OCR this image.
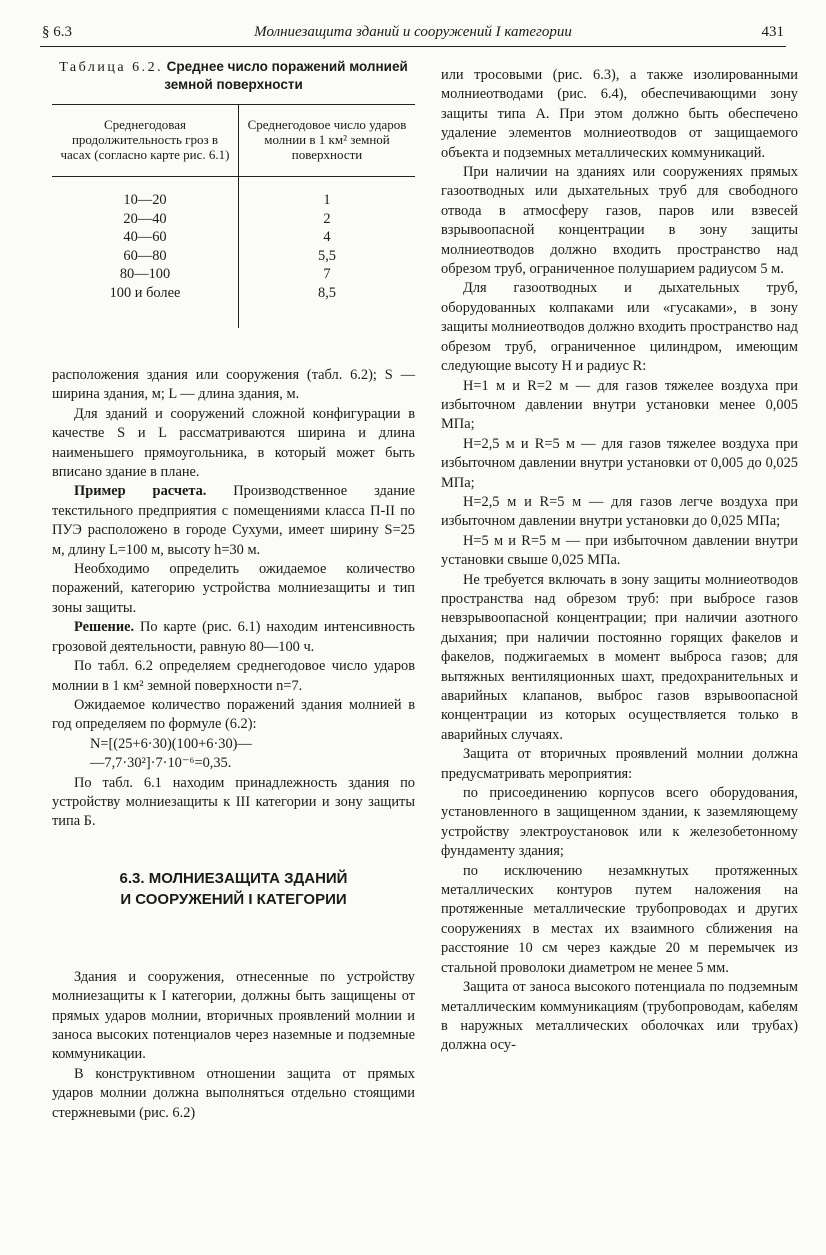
§ 6.3	Молниезащита зданий и сооружений I категории	431
Таблица 6.2. Среднее число поражений молнией земной поверхности
Среднегодовая продолжительность гроз в часах (согласно карте рис. 6.1)	Среднегодовое число ударов молнии в 1 км² земной поверхности
10—20	1
20—40	2
40—60	4
60—80	5,5
80—100	7
100 и более	8,5

расположения здания или сооружения (табл. 6.2); S — ширина здания, м; L — длина здания, м.

Для зданий и сооружений сложной конфигурации в качестве S и L рассматриваются ширина и длина наименьшего прямоугольника, в который может быть вписано здание в плане.

Пример расчета. Производственное здание текстильного предприятия с помещениями класса П-II по ПУЭ расположено в городе Сухуми, имеет ширину S=25 м, длину L=100 м, высоту h=30 м.

Необходимо определить ожидаемое количество поражений, категорию устройства молниезащиты и тип зоны защиты.

Решение. По карте (рис. 6.1) находим интенсивность грозовой деятельности, равную 80—100 ч.

По табл. 6.2 определяем среднегодовое число ударов молнии в 1 км² земной поверхности n=7.

Ожидаемое количество поражений здания молнией в год определяем по формуле (6.2):

N=[(25+6·30)(100+6·30)—

—7,7·30²]·7·10⁻⁶=0,35.

По табл. 6.1 находим принадлежность здания по устройству молниезащиты к III категории и зону защиты типа Б.

6.3. МОЛНИЕЗАЩИТА ЗДАНИЙ
И СООРУЖЕНИЙ I КАТЕГОРИИ

Здания и сооружения, отнесенные по устройству молниезащиты к I категории, должны быть защищены от прямых ударов молнии, вторичных проявлений молнии и заноса высоких потенциалов через наземные и подземные коммуникации.

В конструктивном отношении защита от прямых ударов молнии должна выполняться отдельно стоящими стержневыми (рис. 6.2)

или тросовыми (рис. 6.3), а также изолированными молниеотводами (рис. 6.4), обеспечивающими зону защиты типа А. При этом должно быть обеспечено удаление элементов молниеотводов от защищаемого объекта и подземных металлических коммуникаций.

При наличии на зданиях или сооружениях прямых газоотводных или дыхательных труб для свободного отвода в атмосферу газов, паров или взвесей взрывоопасной концентрации в зону защиты молниеотводов должно входить пространство над обрезом труб, ограниченное полушарием радиусом 5 м.

Для газоотводных и дыхательных труб, оборудованных колпаками или «гусаками», в зону защиты молниеотводов должно входить пространство над обрезом труб, ограниченное цилиндром, имеющим следующие высоту H и радиус R:

H=1 м и R=2 м — для газов тяжелее воздуха при избыточном давлении внутри установки менее 0,005 МПа;

H=2,5 м и R=5 м — для газов тяжелее воздуха при избыточном давлении внутри установки от 0,005 до 0,025 МПа;

H=2,5 м и R=5 м — для газов легче воздуха при избыточном давлении внутри установки до 0,025 МПа;

H=5 м и R=5 м — при избыточном давлении внутри установки свыше 0,025 МПа.

Не требуется включать в зону защиты молниеотводов пространства над обрезом труб: при выбросе газов невзрывоопасной концентрации; при наличии азотного дыхания; при наличии постоянно горящих факелов и факелов, поджигаемых в момент выброса газов; для вытяжных вентиляционных шахт, предохранительных и аварийных клапанов, выброс газов взрывоопасной концентрации из которых осуществляется только в аварийных случаях.

Защита от вторичных проявлений молнии должна предусматривать мероприятия:

по присоединению корпусов всего оборудования, установленного в защищенном здании, к заземляющему устройству электроустановок или к железобетонному фундаменту здания;

по исключению незамкнутых протяженных металлических контуров путем наложения на протяженные металлические трубопроводах и других сооружениях в местах их взаимного сближения на расстояние 10 см через каждые 20 м перемычек из стальной проволоки диаметром не менее 5 мм.

Защита от заноса высокого потенциала по подземным металлическим коммуникациям (трубопроводам, кабелям в наружных металлических оболочках или трубах) должна осу-
